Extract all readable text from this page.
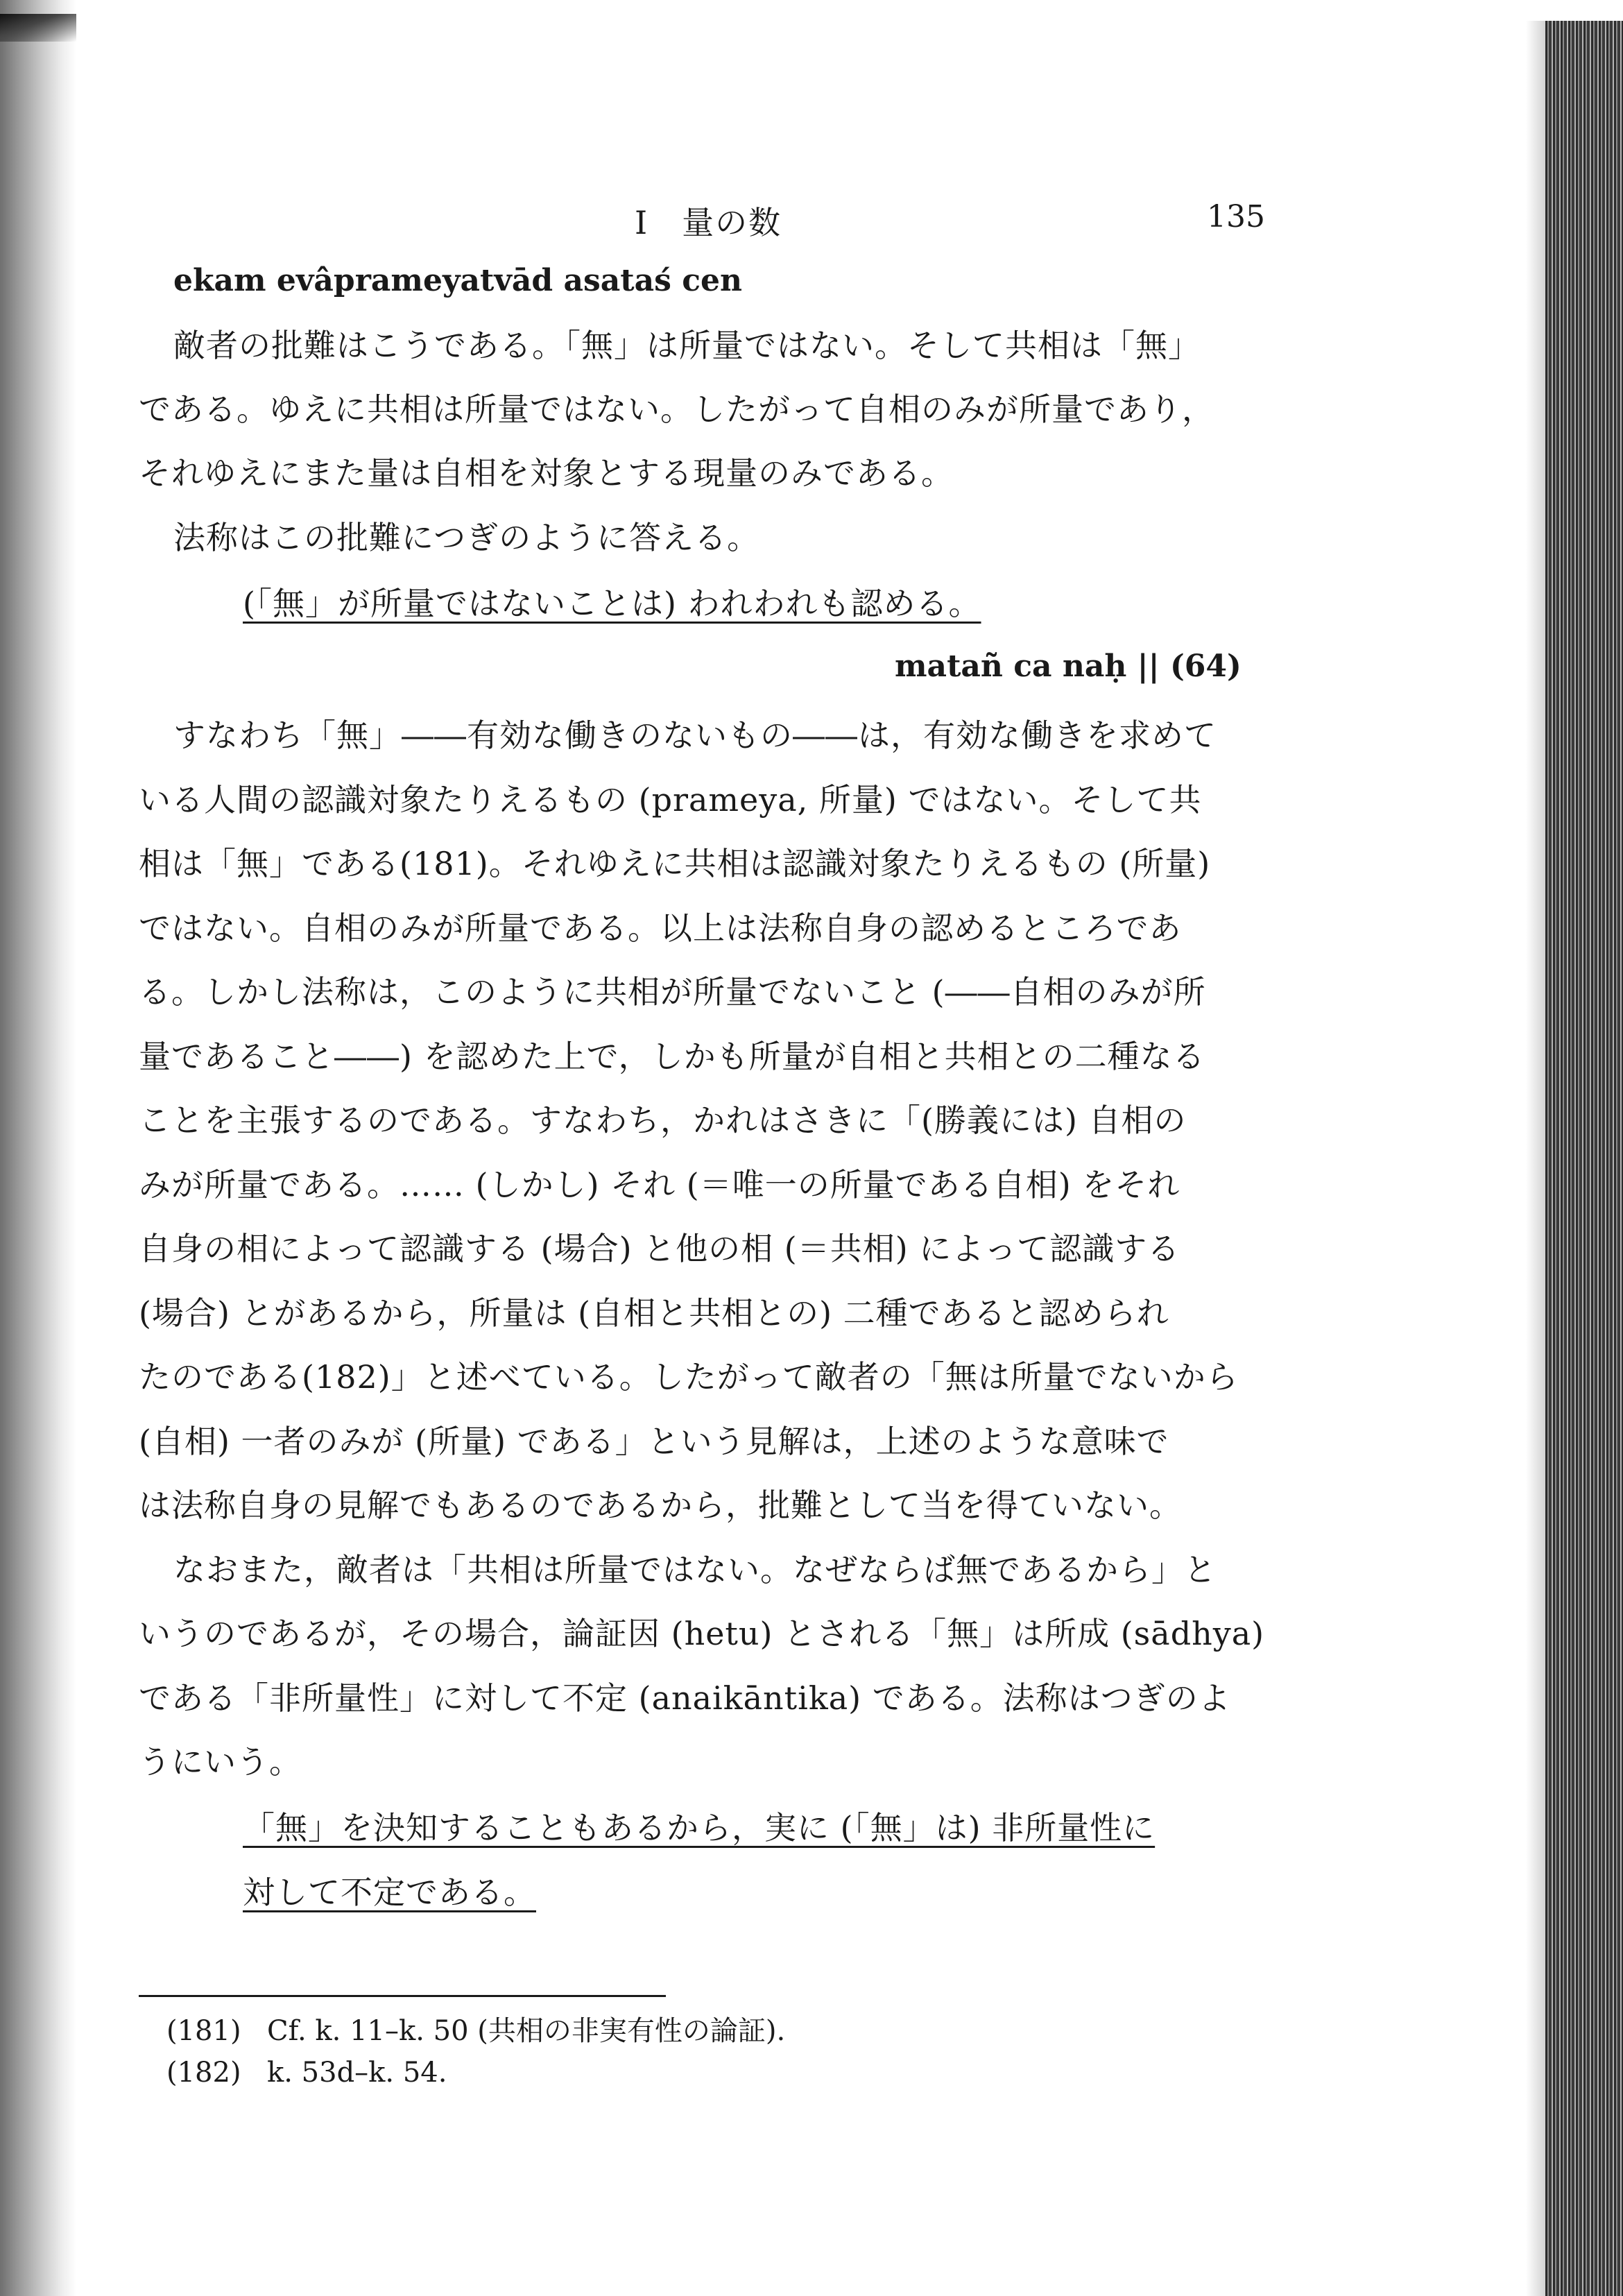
I　量の数	135
ekam evâprameyatvād asataś cen
敵者の批難はこうである。「無」は所量ではない。そして共相は「無」
である。ゆえに共相は所量ではない。したがって自相のみが所量であり，
それゆえにまた量は自相を対象とする現量のみである。
法称はこの批難につぎのように答える。
(「無」が所量ではないことは) われわれも認める。
matañ ca naḥ || (64)
すなわち「無」――有効な働きのないもの――は，有効な働きを求めて
いる人間の認識対象たりえるもの (prameya, 所量) ではない。そして共
相は「無」である(181)。それゆえに共相は認識対象たりえるもの (所量)
ではない。自相のみが所量である。以上は法称自身の認めるところであ
る。しかし法称は，このように共相が所量でないこと (――自相のみが所
量であること――) を認めた上で，しかも所量が自相と共相との二種なる
ことを主張するのである。すなわち，かれはさきに「(勝義には) 自相の
みが所量である。…… (しかし) それ (＝唯一の所量である自相) をそれ
自身の相によって認識する (場合) と他の相 (＝共相) によって認識する
(場合) とがあるから，所量は (自相と共相との) 二種であると認められ
たのである(182)」と述べている。したがって敵者の「無は所量でないから
(自相) 一者のみが (所量) である」という見解は，上述のような意味で
は法称自身の見解でもあるのであるから，批難として当を得ていない。
なおまた，敵者は「共相は所量ではない。なぜならば無であるから」と
いうのであるが，その場合，論証因 (hetu) とされる「無」は所成 (sādhya)
である「非所量性」に対して不定 (anaikāntika) である。法称はつぎのよ
うにいう。
「無」を決知することもあるから，実に (「無」は) 非所量性に
対して不定である。
(181) Cf. k. 11–k. 50 (共相の非実有性の論証).
(182) k. 53d–k. 54.
